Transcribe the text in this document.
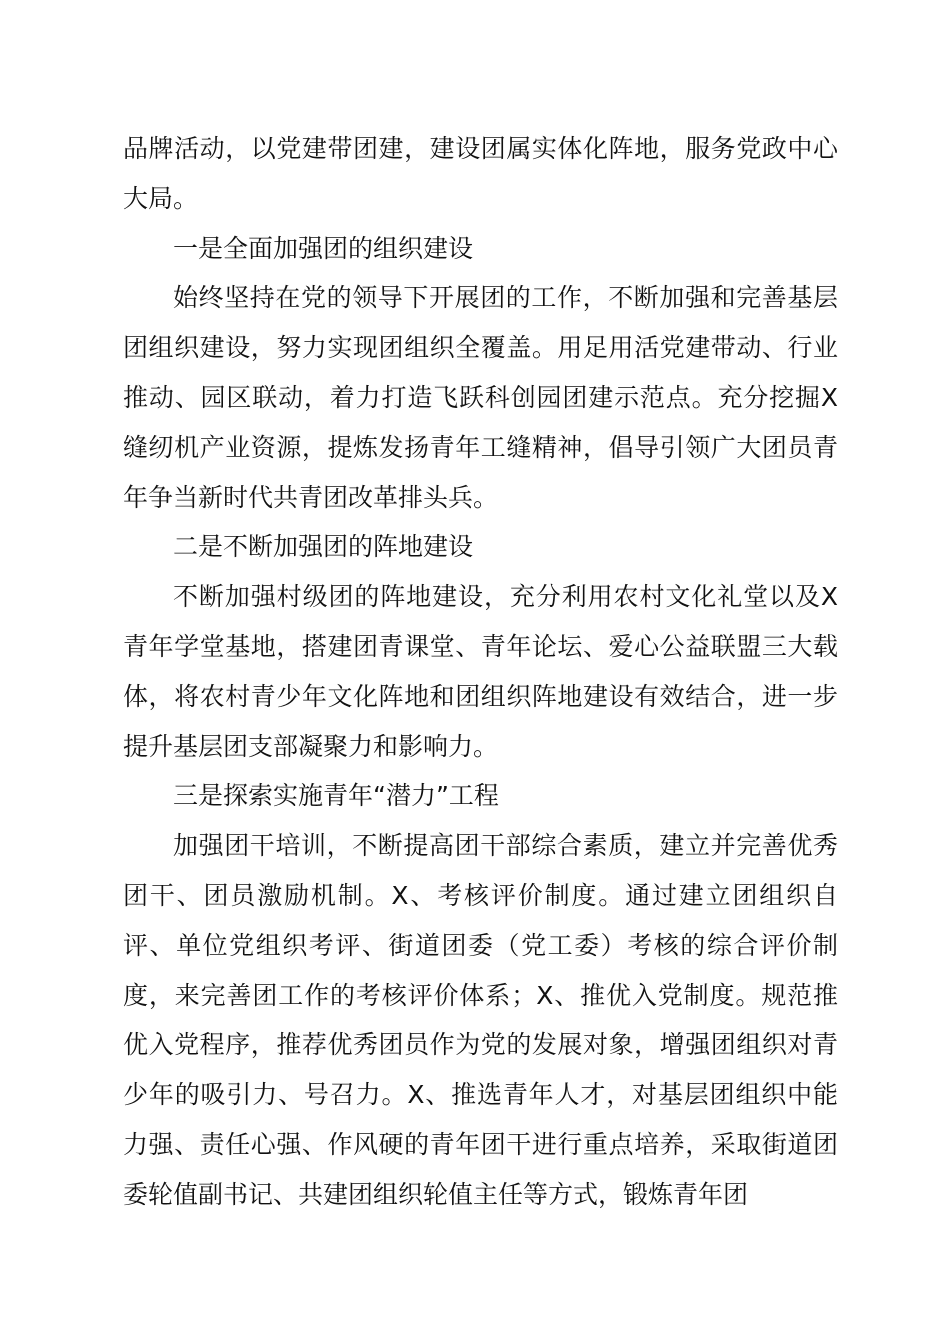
品牌活动，以党建带团建，建设团属实体化阵地，服务党政中心大局。

一是全面加强团的组织建设

始终坚持在党的领导下开展团的工作，不断加强和完善基层团组织建设，努力实现团组织全覆盖。用足用活党建带动、行业推动、园区联动，着力打造飞跃科创园团建示范点。充分挖掘X缝纫机产业资源，提炼发扬青年工缝精神，倡导引领广大团员青年争当新时代共青团改革排头兵。

二是不断加强团的阵地建设

不断加强村级团的阵地建设，充分利用农村文化礼堂以及X青年学堂基地，搭建团青课堂、青年论坛、爱心公益联盟三大载体，将农村青少年文化阵地和团组织阵地建设有效结合，进一步提升基层团支部凝聚力和影响力。

三是探索实施青年“潜力”工程

加强团干培训，不断提高团干部综合素质，建立并完善优秀团干、团员激励机制。X、考核评价制度。通过建立团组织自评、单位党组织考评、街道团委（党工委）考核的综合评价制度，来完善团工作的考核评价体系；X、推优入党制度。规范推优入党程序，推荐优秀团员作为党的发展对象，增强团组织对青少年的吸引力、号召力。X、推选青年人才，对基层团组织中能力强、责任心强、作风硬的青年团干进行重点培养，采取街道团委轮值副书记、共建团组织轮值主任等方式，锻炼青年团
